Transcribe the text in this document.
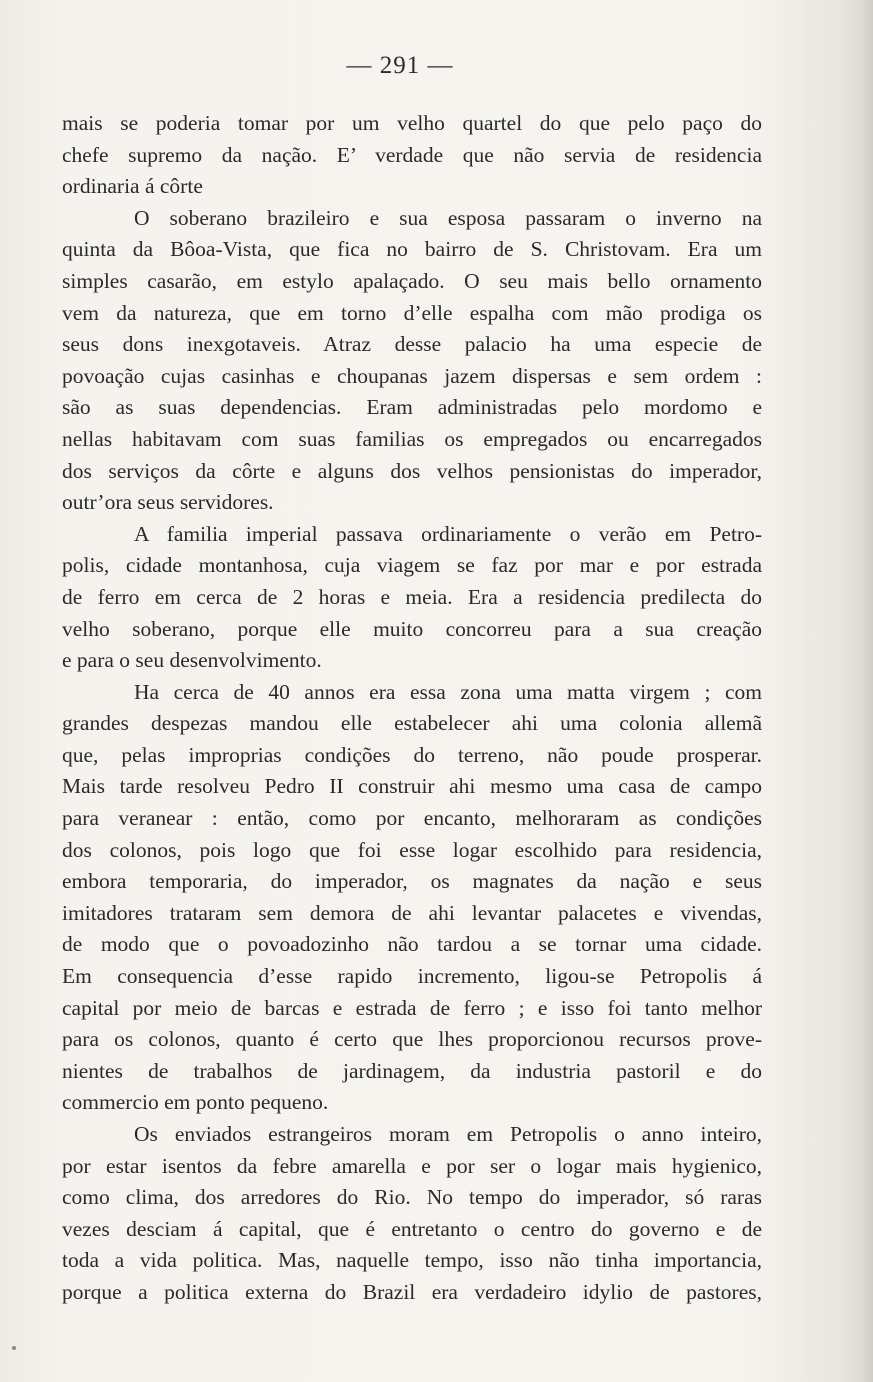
— 291 —
mais se poderia tomar por um velho quartel do que pelo paço do
chefe supremo da nação. E’ verdade que não servia de residencia
ordinaria á côrte
O soberano brazileiro e sua esposa passaram o inverno na
quinta da Bôoa-Vista, que fica no bairro de S. Christovam. Era um
simples casarão, em estylo apalaçado. O seu mais bello ornamento
vem da natureza, que em torno d’elle espalha com mão prodiga os
seus dons inexgotaveis. Atraz desse palacio ha uma especie de
povoação cujas casinhas e choupanas jazem dispersas e sem ordem :
são as suas dependencias. Eram administradas pelo mordomo e
nellas habitavam com suas familias os empregados ou encarregados
dos serviços da côrte e alguns dos velhos pensionistas do imperador,
outr’ora seus servidores.
A familia imperial passava ordinariamente o verão em Petro-
polis, cidade montanhosa, cuja viagem se faz por mar e por estrada
de ferro em cerca de 2 horas e meia. Era a residencia predilecta do
velho soberano, porque elle muito concorreu para a sua creação
e para o seu desenvolvimento.
Ha cerca de 40 annos era essa zona uma matta virgem ; com
grandes despezas mandou elle estabelecer ahi uma colonia allemã
que, pelas improprias condições do terreno, não poude prosperar.
Mais tarde resolveu Pedro II construir ahi mesmo uma casa de campo
para veranear : então, como por encanto, melhoraram as condições
dos colonos, pois logo que foi esse logar escolhido para residencia,
embora temporaria, do imperador, os magnates da nação e seus
imitadores trataram sem demora de ahi levantar palacetes e vivendas,
de modo que o povoadozinho não tardou a se tornar uma cidade.
Em consequencia d’esse rapido incremento, ligou-se Petropolis á
capital por meio de barcas e estrada de ferro ; e isso foi tanto melhor
para os colonos, quanto é certo que lhes proporcionou recursos prove-
nientes de trabalhos de jardinagem, da industria pastoril e do
commercio em ponto pequeno.
Os enviados estrangeiros moram em Petropolis o anno inteiro,
por estar isentos da febre amarella e por ser o logar mais hygienico,
como clima, dos arredores do Rio. No tempo do imperador, só raras
vezes desciam á capital, que é entretanto o centro do governo e de
toda a vida politica. Mas, naquelle tempo, isso não tinha importancia,
porque a politica externa do Brazil era verdadeiro idylio de pastores,
